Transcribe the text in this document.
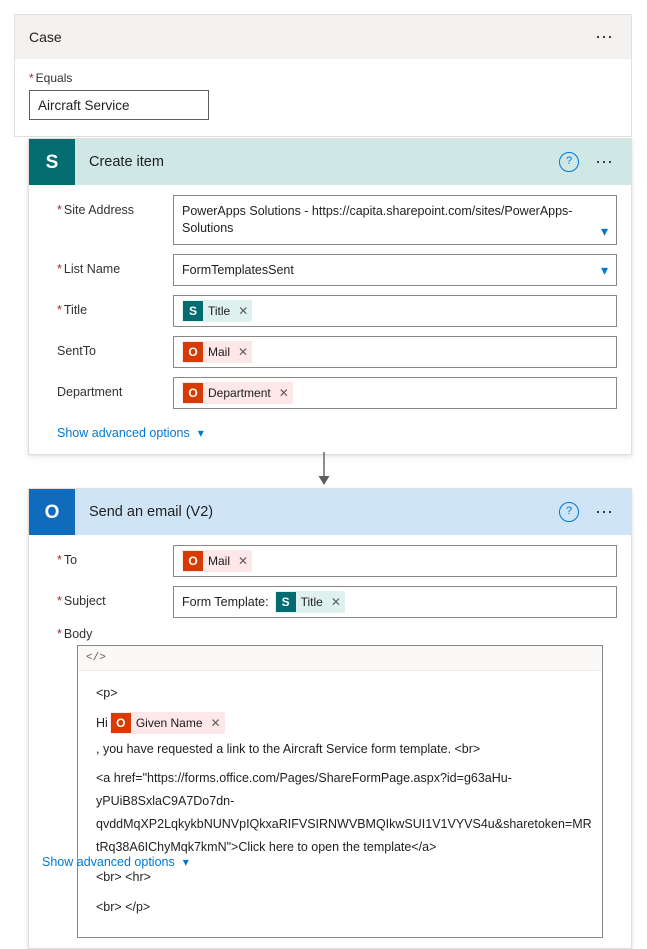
Case	⋯
* Equals
Aircraft Service
S	Create item	?	⋯
* Site Address	PowerApps Solutions - https://capita.sharepoint.com/sites/PowerApps-Solutions	▾
* List Name	FormTemplatesSent	▾
* Title	S Title ✕
SentTo	O Mail ✕
Department	O Department ✕
Show advanced options ▾
O	Send an email (V2)	?	⋯
* To	O Mail ✕
* Subject	Form Template:	S Title ✕
* Body
</>
<p>
Hi O Given Name ✕
, you have requested a link to the Aircraft Service form template. <br>
<a href="https://forms.office.com/Pages/ShareFormPage.aspx?id=g63aHu-yPUiB8SxlaC9A7Do7dn-qvddMqXP2LqkykbNUNVpIQkxaRIFVSIRNWVBMQIkwSUI1V1VYVS4u&sharetoken=MRtRq38A6IChyMqk7kmN">Click here to open the template</a>
<br> <hr>
<br> </p>
Show advanced options ▾
